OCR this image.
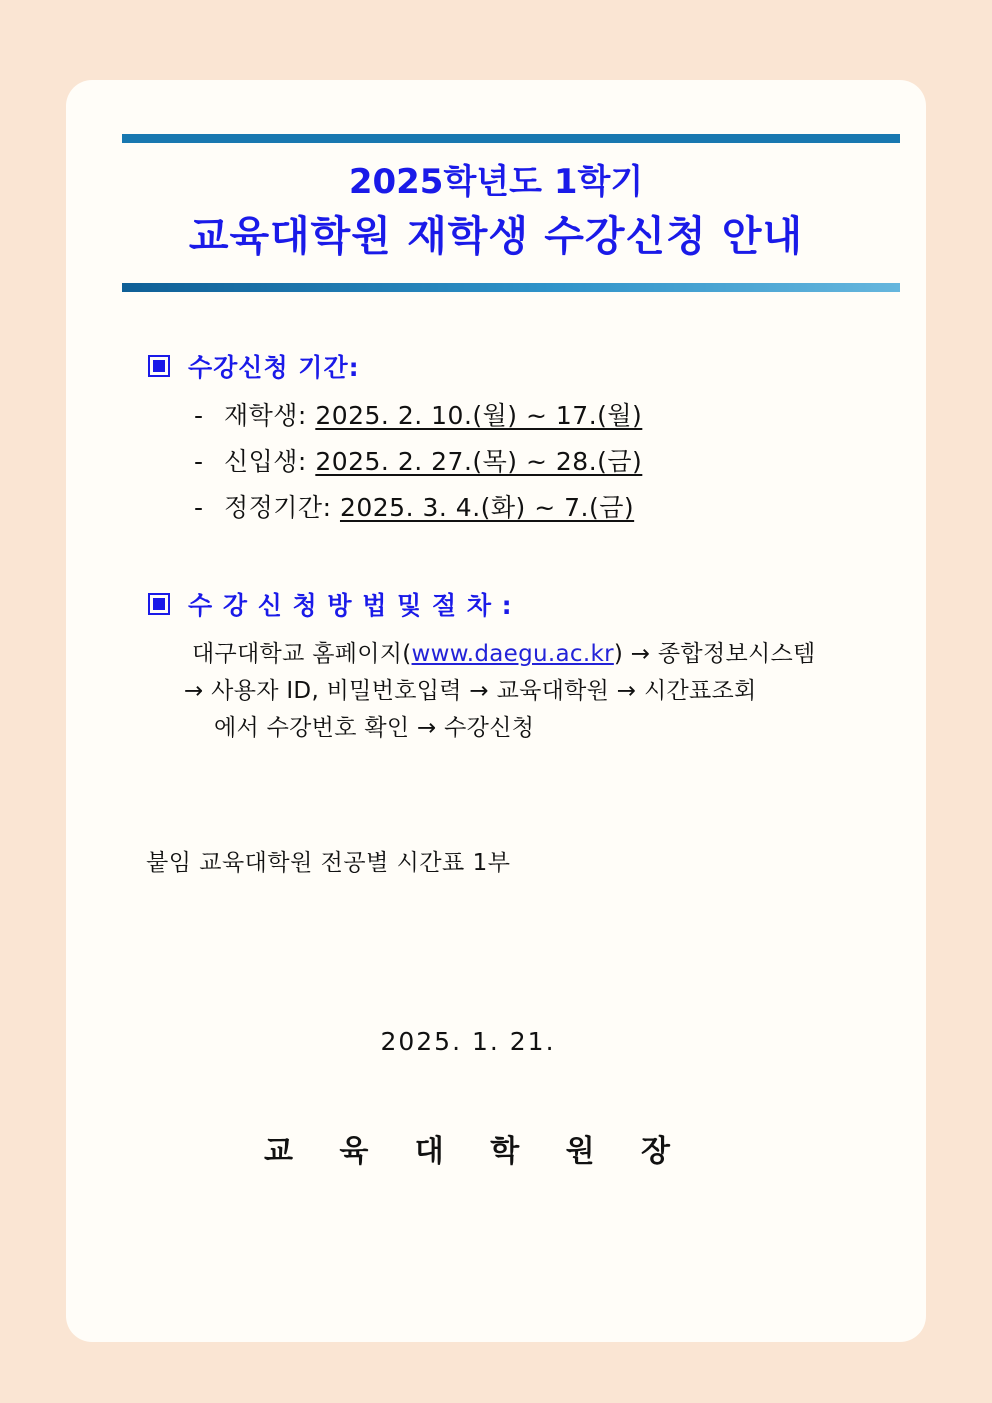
2025학년도 1학기
교육대학원 재학생 수강신청 안내
수강신청 기간:
- 재학생: 2025. 2. 10.(월) ~ 17.(월)
- 신입생: 2025. 2. 27.(목) ~ 28.(금)
- 정정기간: 2025. 3. 4.(화) ~ 7.(금)
수 강 신 청 방 법 및 절 차 :
대구대학교 홈페이지(www.daegu.ac.kr) → 종합정보시스템
→ 사용자 ID, 비밀번호입력 → 교육대학원 → 시간표조회
에서 수강번호 확인 → 수강신청
붙임 교육대학원 전공별 시간표 1부
2025. 1. 21.
교 육 대 학 원 장
